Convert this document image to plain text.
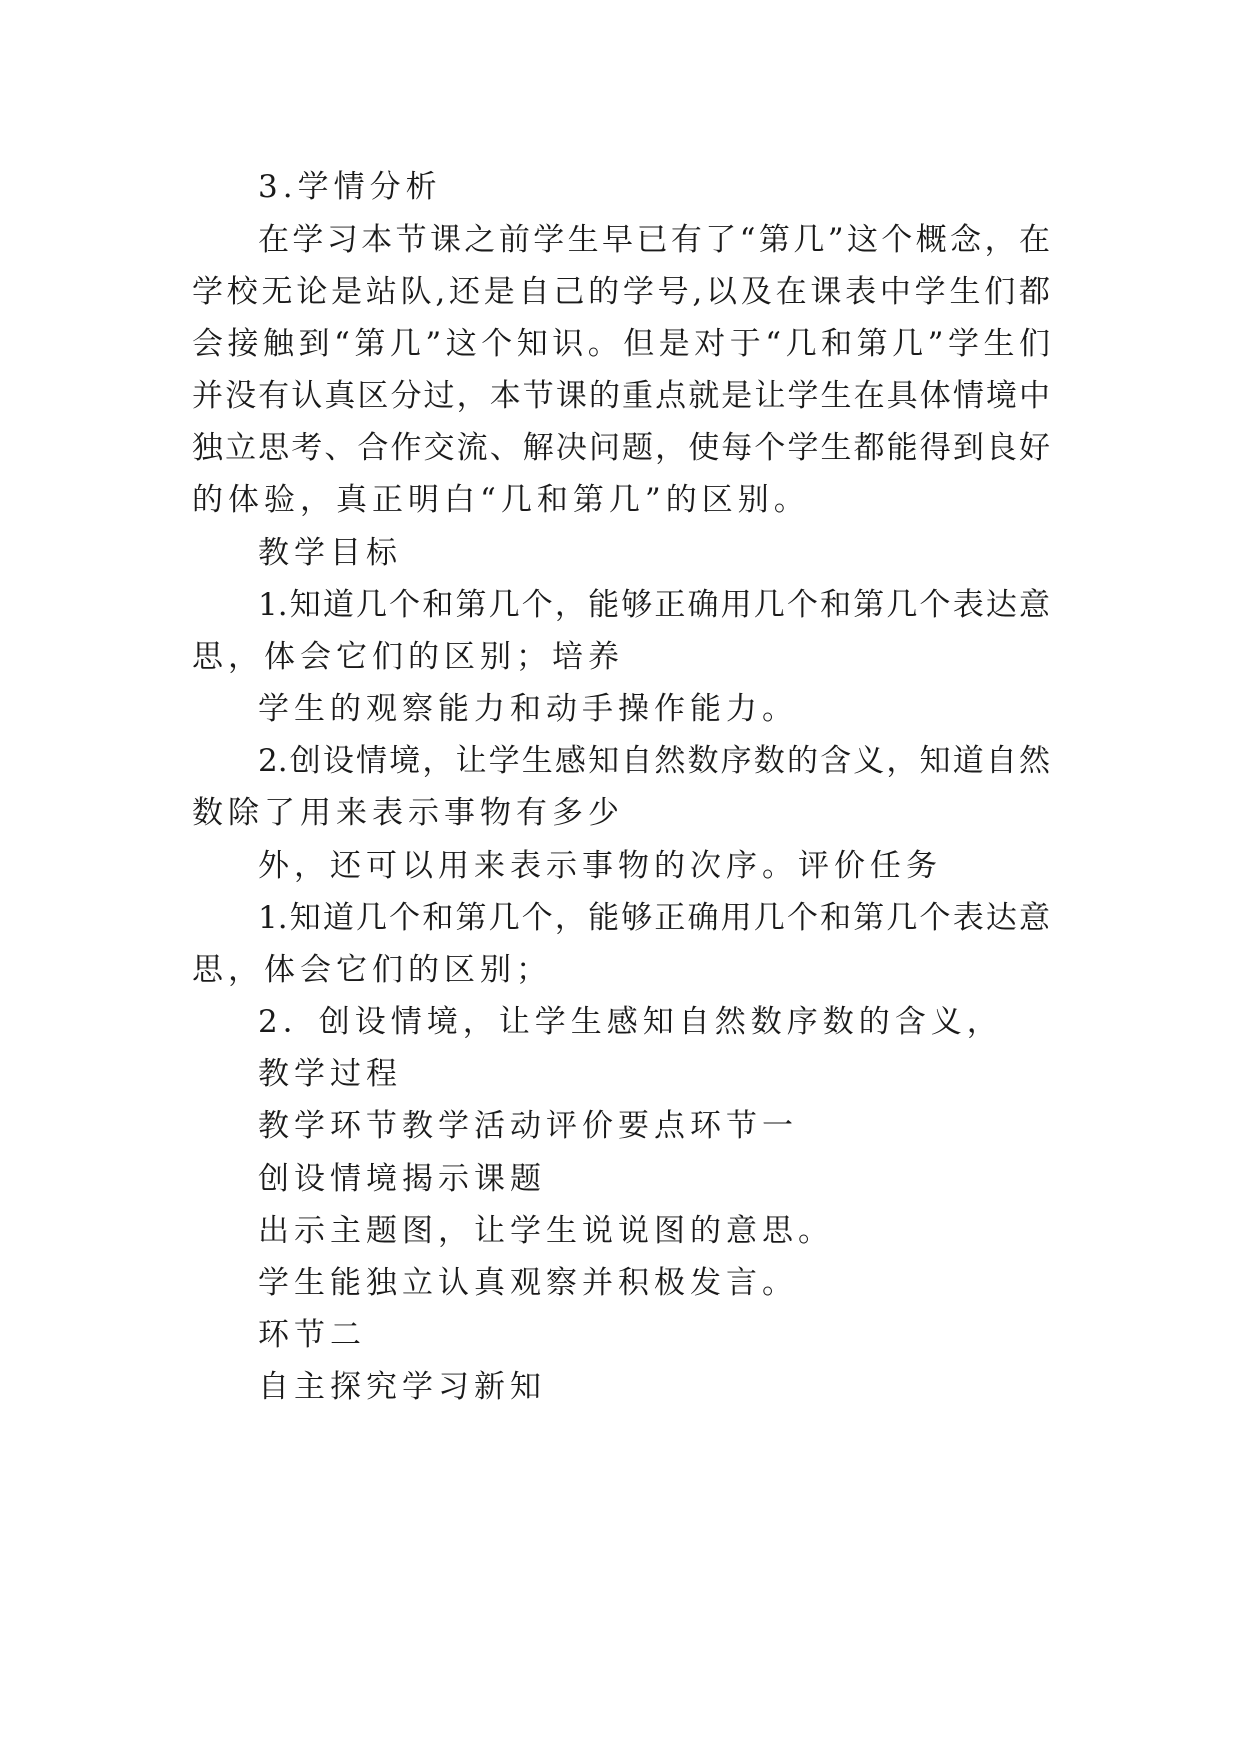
3.学情分析
在学习本节课之前学生早已有了“第几”这个概念，在
学校无论是站队,还是自己的学号,以及在课表中学生们都
会接触到“第几”这个知识。但是对于“几和第几”学生们
并没有认真区分过，本节课的重点就是让学生在具体情境中
独立思考、合作交流、解决问题，使每个学生都能得到良好
的体验，真正明白“几和第几”的区别。
教学目标
1.知道几个和第几个，能够正确用几个和第几个表达意
思，体会它们的区别；培养
学生的观察能力和动手操作能力。
2.创设情境，让学生感知自然数序数的含义，知道自然
数除了用来表示事物有多少
外，还可以用来表示事物的次序。评价任务
1.知道几个和第几个，能够正确用几个和第几个表达意
思，体会它们的区别；
2．创设情境，让学生感知自然数序数的含义，
教学过程
教学环节教学活动评价要点环节一
创设情境揭示课题
出示主题图，让学生说说图的意思。
学生能独立认真观察并积极发言。
环节二
自主探究学习新知
